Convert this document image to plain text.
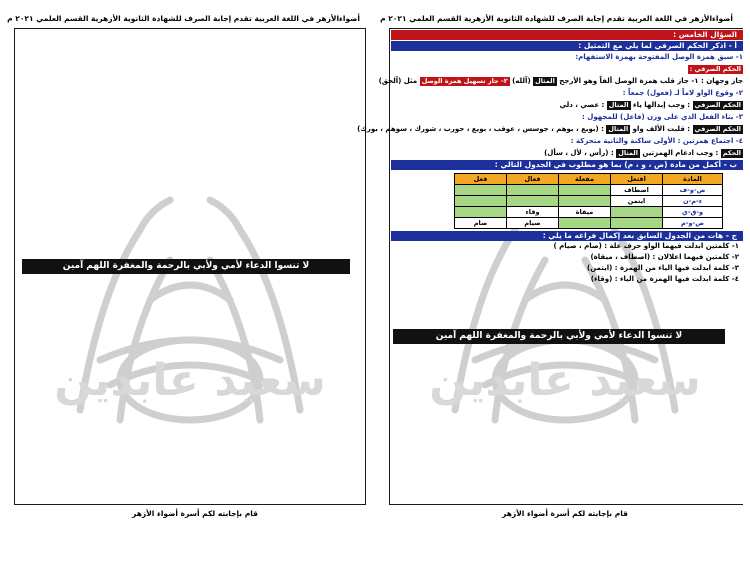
أضواءالأزهر في اللغة العربية تقدم إجابة الصرف للشهادة الثانوية الأزهرية القسم العلمي ٢٠٢١ م
سعيد عابدين
لا تنسوا الدعاء لأمي ولأبي بالرحمة والمغفرة اللهم آمين
قام بإجابته لكم أسرة أضواء الأزهر
أضواءالأزهر في اللغة العربية تقدم إجابة الصرف للشهادة الثانوية الأزهرية القسم العلمي ٢٠٢١ م
سعيد عابدين
لا تنسوا الدعاء لأمي ولأبي بالرحمة والمغفرة اللهم آمين
قام بإجابته لكم أسرة أضواء الأزهر
السؤال الخامس :
أ - اذكر الحكم الصرفي لما يلي مع التمثيل :
١- سبق همزة الوصل المفتوحة بهمزة الاستفهام:
الحكم الصرفي :
جاز وجهان : ١- جاز قلب همزة الوصل ألفاً وهو الأرجح المثال (آلله) ٢- جاز تسهيل همزة الوصل مثل (آلحق)
٢- وقوع الواو لاماً لـ (فعول) جمعاً :
الحكم الصرفي : وجب إبدالها ياء المثال : عصي ، دلي
٣- بناء الفعل الذي على وزن (فاعل) للمجهول :
الحكم الصرفي : قلبت الألف واو المثال : (بويع ، بوهم ، جوسس ، عوقب ، بويع ، حورب ، شورك ، سوهم ، بورك)
٤- اجتماع همزتين : الأولى ساكنة والثانية متحركة :
الحكم : وجب ادغام الهمزتين المثال : (رأس ، لأل ، سأل)
ب - أكمل من مادة (ص ، و ، م) بما هو مطلوب في الجدول التالي :
المادة	افتعل	مفعلة	فعال	فعل
ص-و-ف	اصطاف			
ء-م-ن	ايتمن			
و-ق-ي		ميقاة	وقاء	
ص-و-م			صيام	صام
ج - هات من الجدول السابق بعد إكمال فراغه ما يلي :
١- كلمتين ابدلت فيهما الواو حرف علة : (صام ، صيام )
٢- كلمتين فيهما اعلالان : (اصطاف ، ميقاة)
٣- كلمة ابدلت فيها الياء من الهمزة : (ايتمن)
٤- كلمة ابدلت فيها الهمزة من الياء : (وقاء)
